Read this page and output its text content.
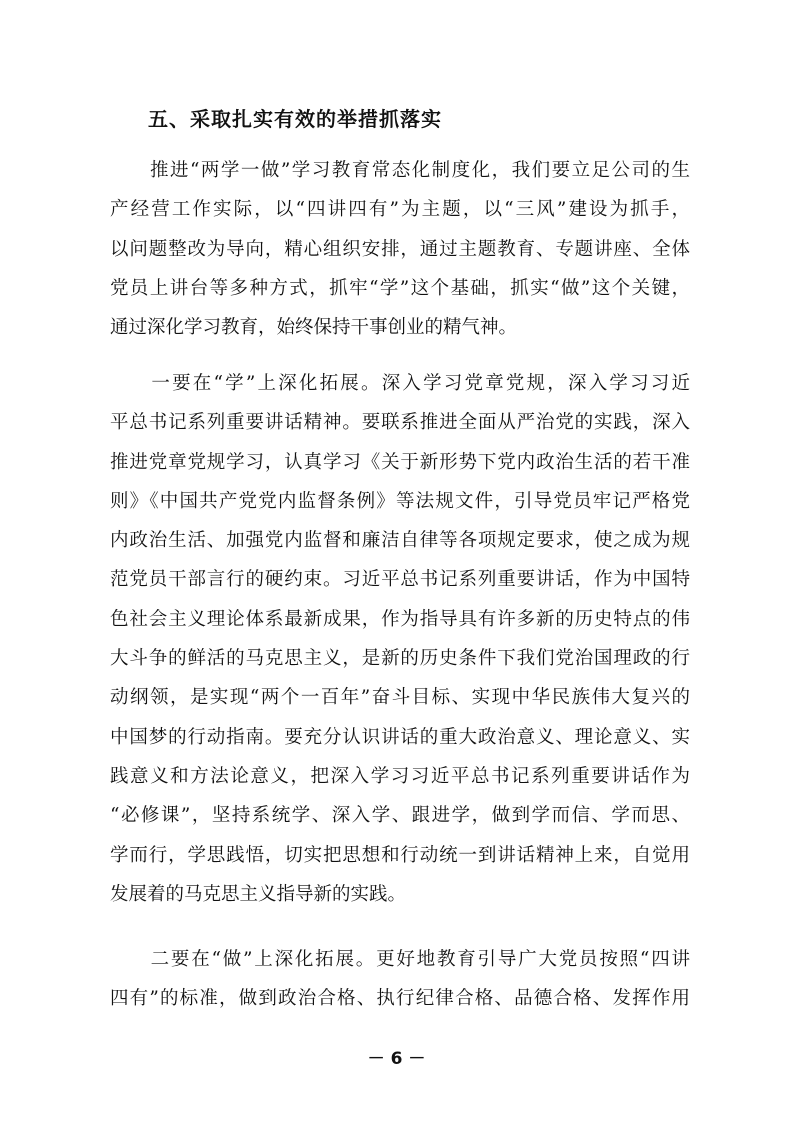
五、采取扎实有效的举措抓落实
　　推进“两学一做”学习教育常态化制度化，我们要立足公司的生
产经营工作实际，以“四讲四有”为主题，以“三风”建设为抓手，
以问题整改为导向，精心组织安排，通过主题教育、专题讲座、全体
党员上讲台等多种方式，抓牢“学”这个基础，抓实“做”这个关键，
通过深化学习教育，始终保持干事创业的精气神。
　　一要在“学”上深化拓展。深入学习党章党规，深入学习习近
平总书记系列重要讲话精神。要联系推进全面从严治党的实践，深入
推进党章党规学习，认真学习《关于新形势下党内政治生活的若干准
则》《中国共产党党内监督条例》等法规文件，引导党员牢记严格党
内政治生活、加强党内监督和廉洁自律等各项规定要求，使之成为规
范党员干部言行的硬约束。习近平总书记系列重要讲话，作为中国特
色社会主义理论体系最新成果，作为指导具有许多新的历史特点的伟
大斗争的鲜活的马克思主义，是新的历史条件下我们党治国理政的行
动纲领，是实现“两个一百年”奋斗目标、实现中华民族伟大复兴的
中国梦的行动指南。要充分认识讲话的重大政治意义、理论意义、实
践意义和方法论意义，把深入学习习近平总书记系列重要讲话作为
“必修课”，坚持系统学、深入学、跟进学，做到学而信、学而思、
学而行，学思践悟，切实把思想和行动统一到讲话精神上来，自觉用
发展着的马克思主义指导新的实践。
　　二要在“做”上深化拓展。更好地教育引导广大党员按照“四讲
四有”的标准，做到政治合格、执行纪律合格、品德合格、发挥作用
－ 6 －
